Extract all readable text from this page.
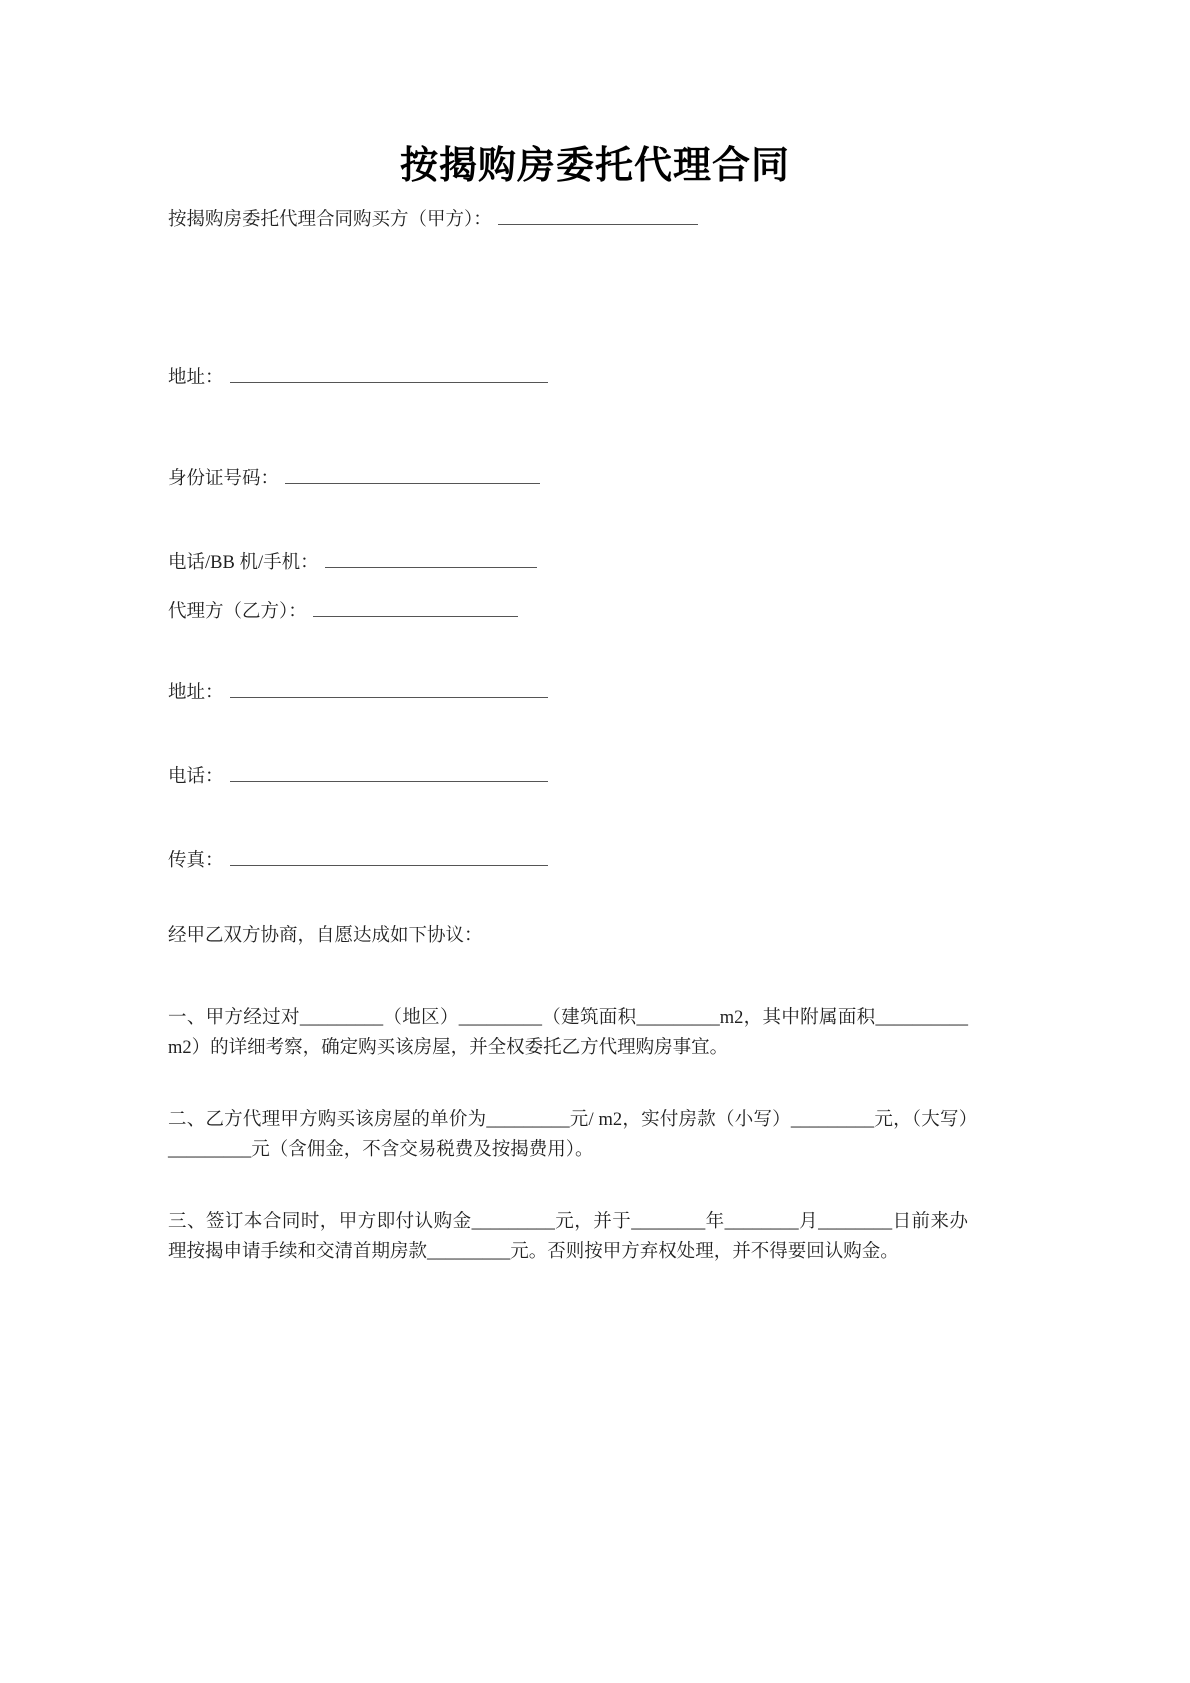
按揭购房委托代理合同
按揭购房委托代理合同购买方（甲方）：
地址：
身份证号码：
电话/BB 机/手机：
代理方（乙方）：
地址：
电话：
传真：
经甲乙双方协商，自愿达成如下协议：
一、甲方经过对_________（地区）_________（建筑面积_________m2，其中附属面积__________m2）的详细考察，确定购买该房屋，并全权委托乙方代理购房事宜。
二、乙方代理甲方购买该房屋的单价为_________元/ m2，实付房款（小写）_________元，（大写）_________元（含佣金，不含交易税费及按揭费用）。
三、签订本合同时，甲方即付认购金_________元，并于________年________月________日前来办理按揭申请手续和交清首期房款_________元。否则按甲方弃权处理，并不得要回认购金。
